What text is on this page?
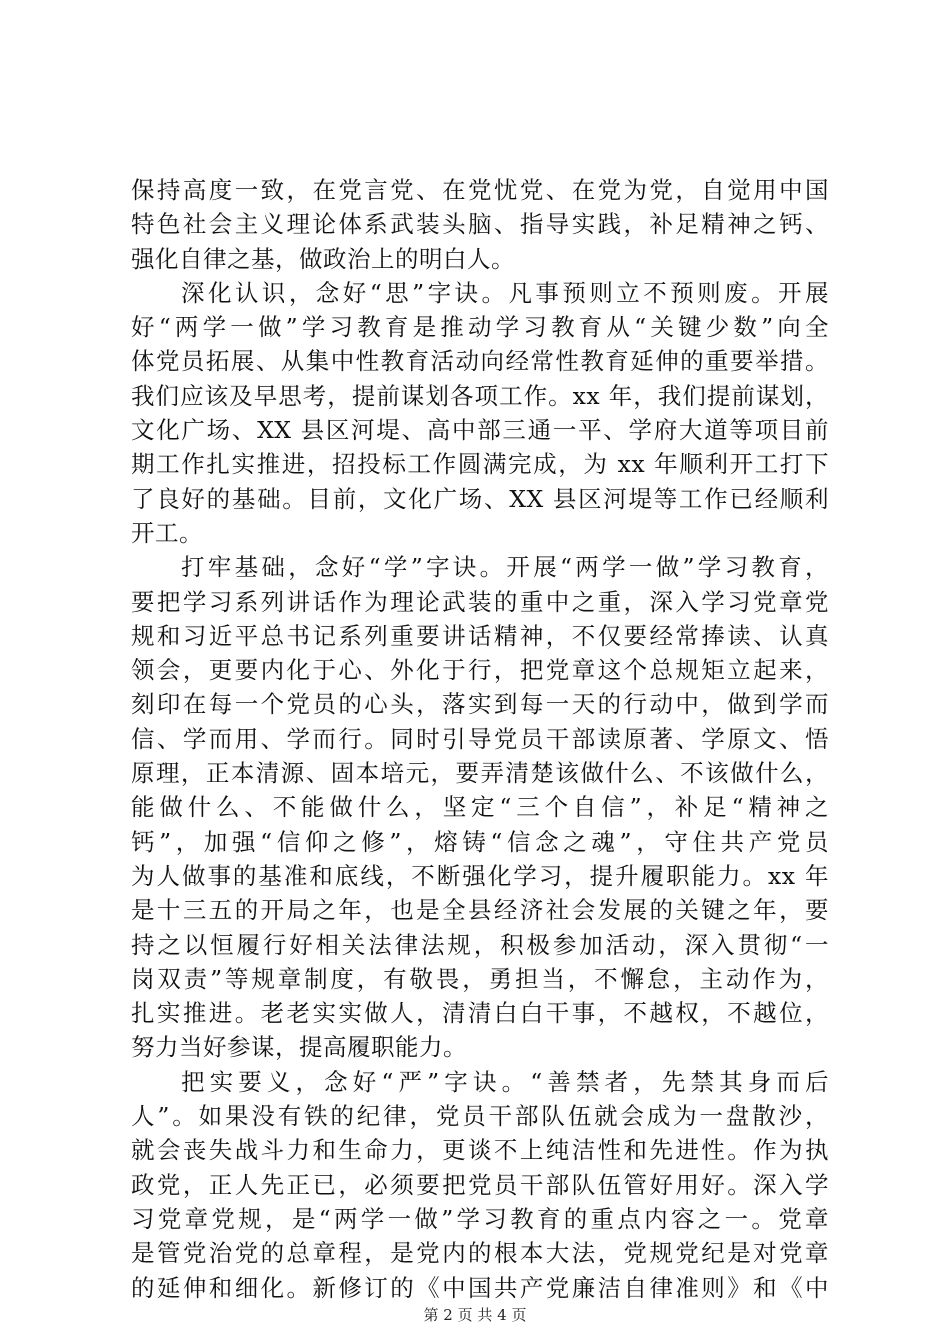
保持高度一致，在党言党、在党忧党、在党为党，自觉用中国
特色社会主义理论体系武装头脑、指导实践，补足精神之钙、
强化自律之基，做政治上的明白人。
深化认识，念好“思”字诀。凡事预则立不预则废。开展
好“两学一做”学习教育是推动学习教育从“关键少数”向全
体党员拓展、从集中性教育活动向经常性教育延伸的重要举措。
我们应该及早思考，提前谋划各项工作。xx 年，我们提前谋划，
文化广场、XX 县区河堤、高中部三通一平、学府大道等项目前
期工作扎实推进，招投标工作圆满完成，为 xx 年顺利开工打下
了良好的基础。目前，文化广场、XX 县区河堤等工作已经顺利
开工。
打牢基础，念好“学”字诀。开展“两学一做”学习教育，
要把学习系列讲话作为理论武装的重中之重，深入学习党章党
规和习近平总书记系列重要讲话精神，不仅要经常捧读、认真
领会，更要内化于心、外化于行，把党章这个总规矩立起来，
刻印在每一个党员的心头，落实到每一天的行动中，做到学而
信、学而用、学而行。同时引导党员干部读原著、学原文、悟
原理，正本清源、固本培元，要弄清楚该做什么、不该做什么，
能做什么、不能做什么，坚定“三个自信”，补足“精神之
钙”，加强“信仰之修”，熔铸“信念之魂”，守住共产党员
为人做事的基准和底线，不断强化学习，提升履职能力。xx 年
是十三五的开局之年，也是全县经济社会发展的关键之年，要
持之以恒履行好相关法律法规，积极参加活动，深入贯彻“一
岗双责”等规章制度，有敬畏，勇担当，不懈怠，主动作为，
扎实推进。老老实实做人，清清白白干事，不越权，不越位，
努力当好参谋，提高履职能力。
把实要义，念好“严”字诀。“善禁者，先禁其身而后
人”。如果没有铁的纪律，党员干部队伍就会成为一盘散沙，
就会丧失战斗力和生命力，更谈不上纯洁性和先进性。作为执
政党，正人先正已，必须要把党员干部队伍管好用好。深入学
习党章党规，是“两学一做”学习教育的重点内容之一。党章
是管党治党的总章程，是党内的根本大法，党规党纪是对党章
的延伸和细化。新修订的《中国共产党廉洁自律准则》和《中
第 2 页 共 4 页
